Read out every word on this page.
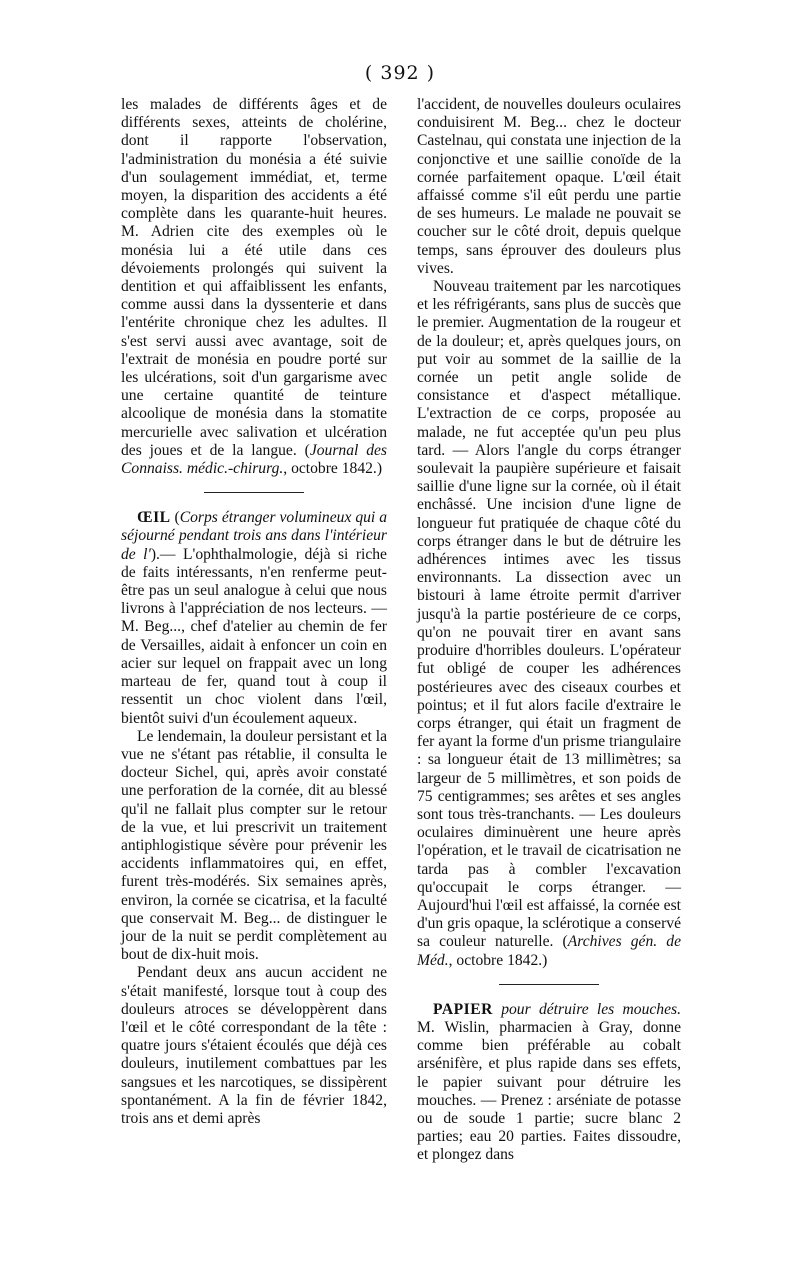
( 392 )

les malades de différents âges et de différents sexes, atteints de cholérine, dont il rapporte l'observation, l'administration du monésia a été suivie d'un soulagement immédiat, et, terme moyen, la disparition des accidents a été complète dans les quarante-huit heures. M. Adrien cite des exemples où le monésia lui a été utile dans ces dévoiements prolongés qui suivent la dentition et qui affaiblissent les enfants, comme aussi dans la dyssenterie et dans l'entérite chronique chez les adultes. Il s'est servi aussi avec avantage, soit de l'extrait de monésia en poudre porté sur les ulcérations, soit d'un gargarisme avec une certaine quantité de teinture alcoolique de monésia dans la stomatite mercurielle avec salivation et ulcération des joues et de la langue. (Journal des Connaiss. médic.-chirurg., octobre 1842.)

ŒIL (Corps étranger volumineux qui a séjourné pendant trois ans dans l'intérieur de l').— L'ophthalmologie, déjà si riche de faits intéressants, n'en renferme peut-être pas un seul analogue à celui que nous livrons à l'appréciation de nos lecteurs. — M. Beg..., chef d'atelier au chemin de fer de Versailles, aidait à enfoncer un coin en acier sur lequel on frappait avec un long marteau de fer, quand tout à coup il ressentit un choc violent dans l'œil, bientôt suivi d'un écoulement aqueux.

Le lendemain, la douleur persistant et la vue ne s'étant pas rétablie, il consulta le docteur Sichel, qui, après avoir constaté une perforation de la cornée, dit au blessé qu'il ne fallait plus compter sur le retour de la vue, et lui prescrivit un traitement antiphlogistique sévère pour prévenir les accidents inflammatoires qui, en effet, furent très-modérés. Six semaines après, environ, la cornée se cicatrisa, et la faculté que conservait M. Beg... de distinguer le jour de la nuit se perdit complètement au bout de dix-huit mois.

Pendant deux ans aucun accident ne s'était manifesté, lorsque tout à coup des douleurs atroces se développèrent dans l'œil et le côté correspondant de la tête : quatre jours s'étaient écoulés que déjà ces douleurs, inutilement combattues par les sangsues et les narcotiques, se dissipèrent spontanément. A la fin de février 1842, trois ans et demi après

l'accident, de nouvelles douleurs oculaires conduisirent M. Beg... chez le docteur Castelnau, qui constata une injection de la conjonctive et une saillie conoïde de la cornée parfaitement opaque. L'œil était affaissé comme s'il eût perdu une partie de ses humeurs. Le malade ne pouvait se coucher sur le côté droit, depuis quelque temps, sans éprouver des douleurs plus vives.

Nouveau traitement par les narcotiques et les réfrigérants, sans plus de succès que le premier. Augmentation de la rougeur et de la douleur; et, après quelques jours, on put voir au sommet de la saillie de la cornée un petit angle solide de consistance et d'aspect métallique. L'extraction de ce corps, proposée au malade, ne fut acceptée qu'un peu plus tard. — Alors l'angle du corps étranger soulevait la paupière supérieure et faisait saillie d'une ligne sur la cornée, où il était enchâssé. Une incision d'une ligne de longueur fut pratiquée de chaque côté du corps étranger dans le but de détruire les adhérences intimes avec les tissus environnants. La dissection avec un bistouri à lame étroite permit d'arriver jusqu'à la partie postérieure de ce corps, qu'on ne pouvait tirer en avant sans produire d'horribles douleurs. L'opérateur fut obligé de couper les adhérences postérieures avec des ciseaux courbes et pointus; et il fut alors facile d'extraire le corps étranger, qui était un fragment de fer ayant la forme d'un prisme triangulaire : sa longueur était de 13 millimètres; sa largeur de 5 millimètres, et son poids de 75 centigrammes; ses arêtes et ses angles sont tous très-tranchants. — Les douleurs oculaires diminuèrent une heure après l'opération, et le travail de cicatrisation ne tarda pas à combler l'excavation qu'occupait le corps étranger. — Aujourd'hui l'œil est affaissé, la cornée est d'un gris opaque, la sclérotique a conservé sa couleur naturelle. (Archives gén. de Méd., octobre 1842.)

PAPIER pour détruire les mouches. M. Wislin, pharmacien à Gray, donne comme bien préférable au cobalt arsénifère, et plus rapide dans ses effets, le papier suivant pour détruire les mouches. — Prenez : arséniate de potasse ou de soude 1 partie; sucre blanc 2 parties; eau 20 parties. Faites dissoudre, et plongez dans
